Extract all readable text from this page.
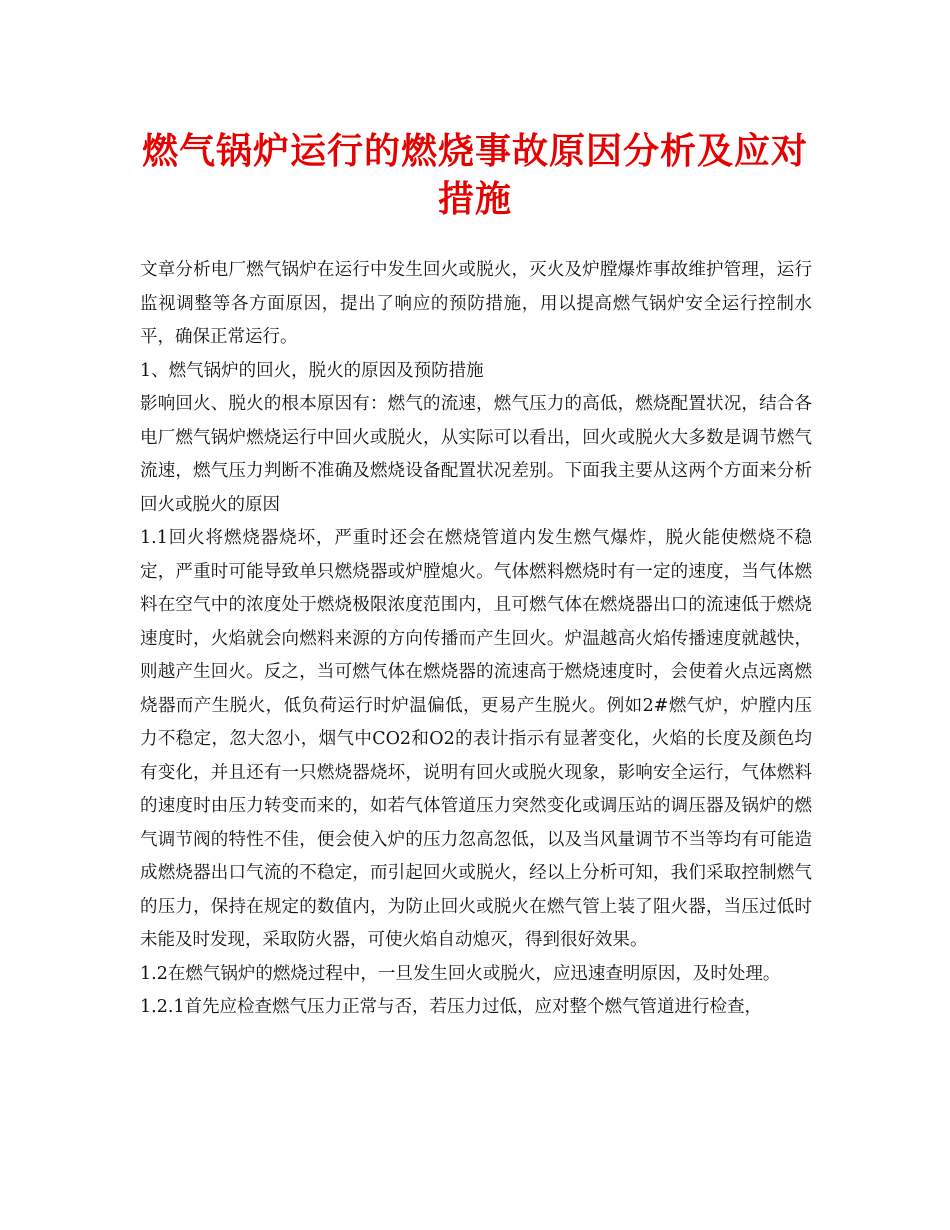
燃气锅炉运行的燃烧事故原因分析及应对措施

文章分析电厂燃气锅炉在运行中发生回火或脱火，灭火及炉膛爆炸事故维护管理，运行监视调整等各方面原因，提出了响应的预防措施，用以提高燃气锅炉安全运行控制水平，确保正常运行。

1、燃气锅炉的回火，脱火的原因及预防措施

影响回火、脱火的根本原因有：燃气的流速，燃气压力的高低，燃烧配置状况，结合各电厂燃气锅炉燃烧运行中回火或脱火，从实际可以看出，回火或脱火大多数是调节燃气流速，燃气压力判断不准确及燃烧设备配置状况差别。下面我主要从这两个方面来分析回火或脱火的原因

1.1回火将燃烧器烧坏，严重时还会在燃烧管道内发生燃气爆炸，脱火能使燃烧不稳定，严重时可能导致单只燃烧器或炉膛熄火。气体燃料燃烧时有一定的速度，当气体燃料在空气中的浓度处于燃烧极限浓度范围内，且可燃气体在燃烧器出口的流速低于燃烧速度时，火焰就会向燃料来源的方向传播而产生回火。炉温越高火焰传播速度就越快，则越产生回火。反之，当可燃气体在燃烧器的流速高于燃烧速度时，会使着火点远离燃烧器而产生脱火，低负荷运行时炉温偏低，更易产生脱火。例如2#燃气炉，炉膛内压力不稳定，忽大忽小，烟气中CO2和O2的表计指示有显著变化，火焰的长度及颜色均有变化，并且还有一只燃烧器烧坏，说明有回火或脱火现象，影响安全运行，气体燃料的速度时由压力转变而来的，如若气体管道压力突然变化或调压站的调压器及锅炉的燃气调节阀的特性不佳，便会使入炉的压力忽高忽低，以及当风量调节不当等均有可能造成燃烧器出口气流的不稳定，而引起回火或脱火，经以上分析可知，我们采取控制燃气的压力，保持在规定的数值内，为防止回火或脱火在燃气管上装了阻火器，当压过低时未能及时发现，采取防火器，可使火焰自动熄灭，得到很好效果。

1.2在燃气锅炉的燃烧过程中，一旦发生回火或脱火，应迅速查明原因，及时处理。

1.2.1首先应检查燃气压力正常与否，若压力过低，应对整个燃气管道进行检查，
